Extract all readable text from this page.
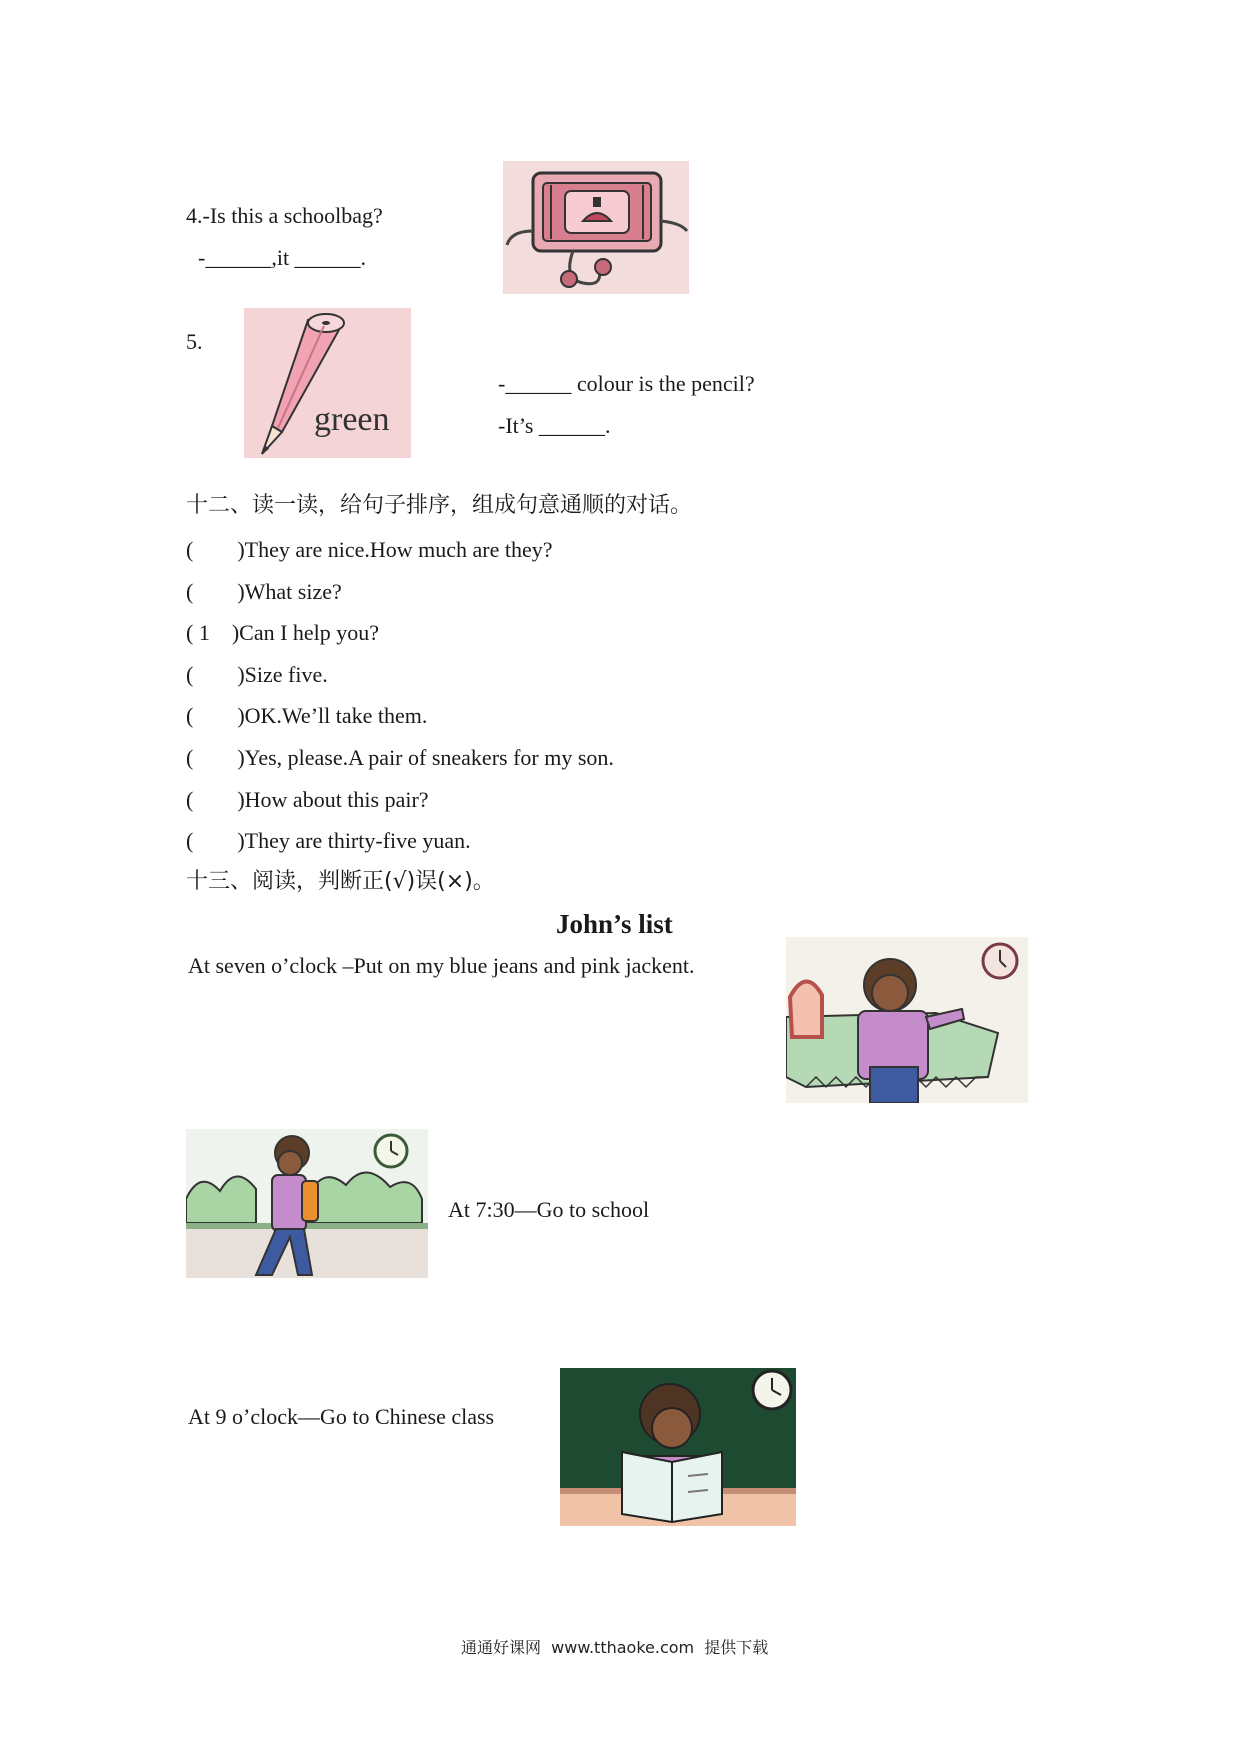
4.-Is this a schoolbag?
-______,it ______.
5.
green
-______ colour is the pencil?
-It’s ______.
十二、读一读，给句子排序，组成句意通顺的对话。
(        )They are nice.How much are they?
(        )What size?
( 1    )Can I help you?
(        )Size five.
(        )OK.We’ll take them.
(        )Yes, please.A pair of sneakers for my son.
(        )How about this pair?
(        )They are thirty-five yuan.
十三、阅读，判断正(√)误(×)。
John’s list
At seven o’clock –Put on my blue jeans and pink jackent.
At 7:30—Go to school
At 9 o’clock—Go to Chinese class
通通好课网  www.tthaoke.com  提供下载
